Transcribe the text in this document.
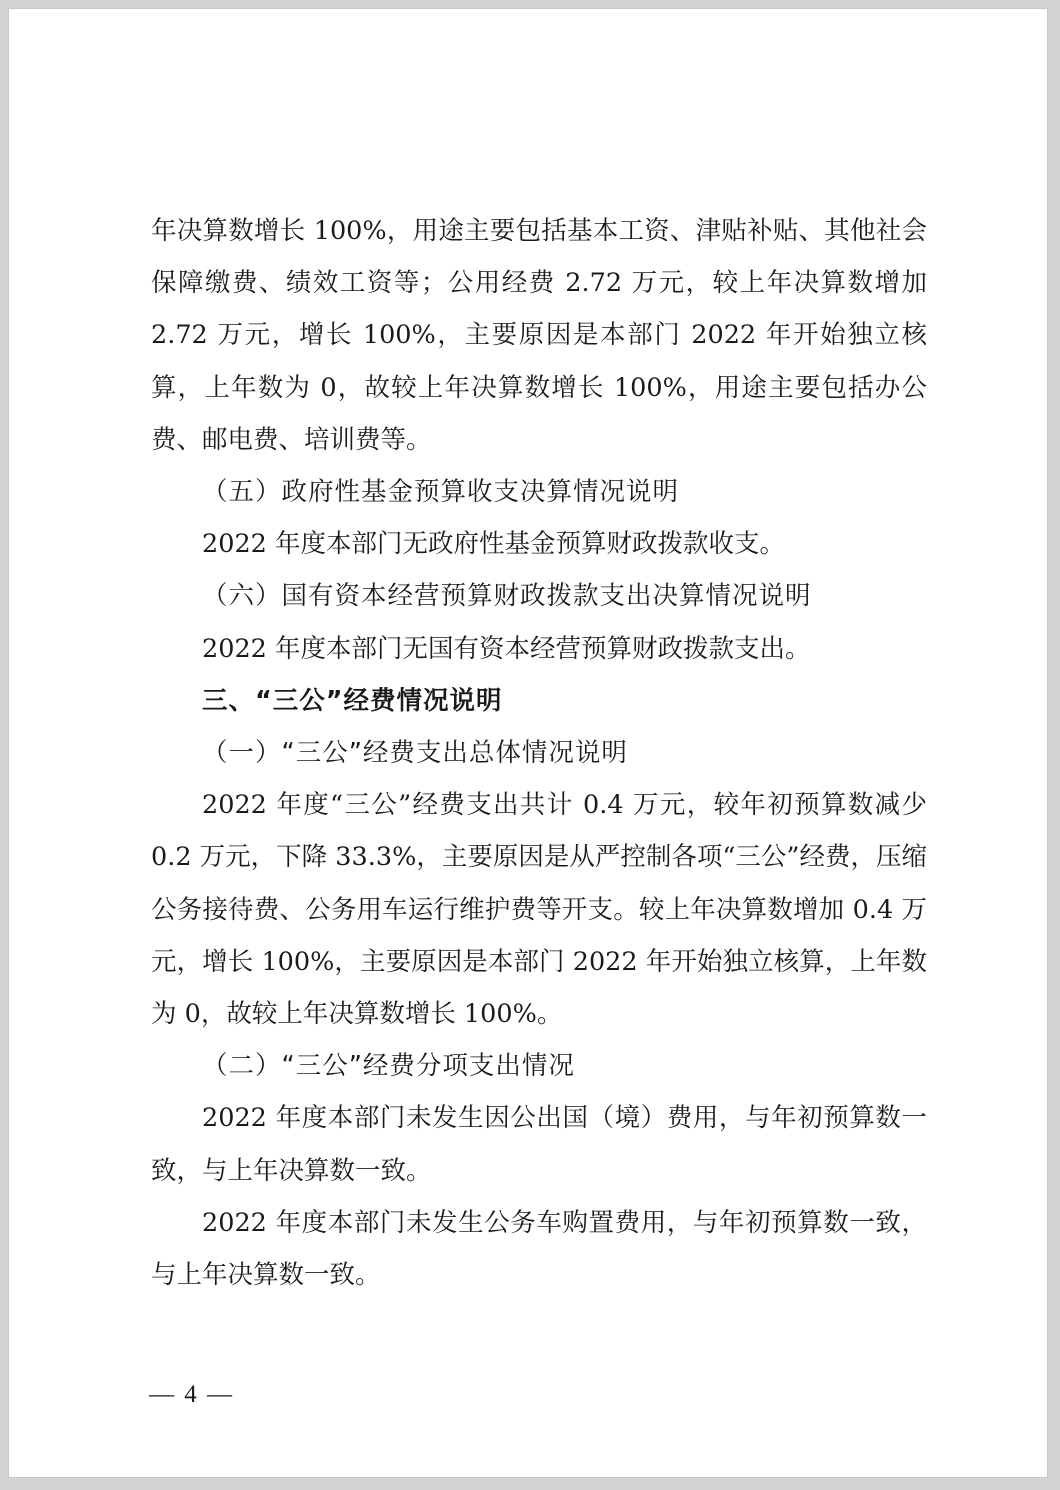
年决算数增长 100%，用途主要包括基本工资、津贴补贴、其他社会保障缴费、绩效工资等；公用经费 2.72 万元，较上年决算数增加 2.72 万元，增长 100%，主要原因是本部门 2022 年开始独立核算，上年数为 0，故较上年决算数增长 100%，用途主要包括办公费、邮电费、培训费等。

（五）政府性基金预算收支决算情况说明

2022 年度本部门无政府性基金预算财政拨款收支。

（六）国有资本经营预算财政拨款支出决算情况说明

2022 年度本部门无国有资本经营预算财政拨款支出。

三、“三公”经费情况说明

（一）“三公”经费支出总体情况说明

2022 年度“三公”经费支出共计 0.4 万元，较年初预算数减少 0.2 万元，下降 33.3%，主要原因是从严控制各项“三公”经费，压缩公务接待费、公务用车运行维护费等开支。较上年决算数增加 0.4 万元，增长 100%，主要原因是本部门 2022 年开始独立核算，上年数为 0，故较上年决算数增长 100%。

（二）“三公”经费分项支出情况

2022 年度本部门未发生因公出国（境）费用，与年初预算数一致，与上年决算数一致。

2022 年度本部门未发生公务车购置费用，与年初预算数一致，与上年决算数一致。

— 4 —
